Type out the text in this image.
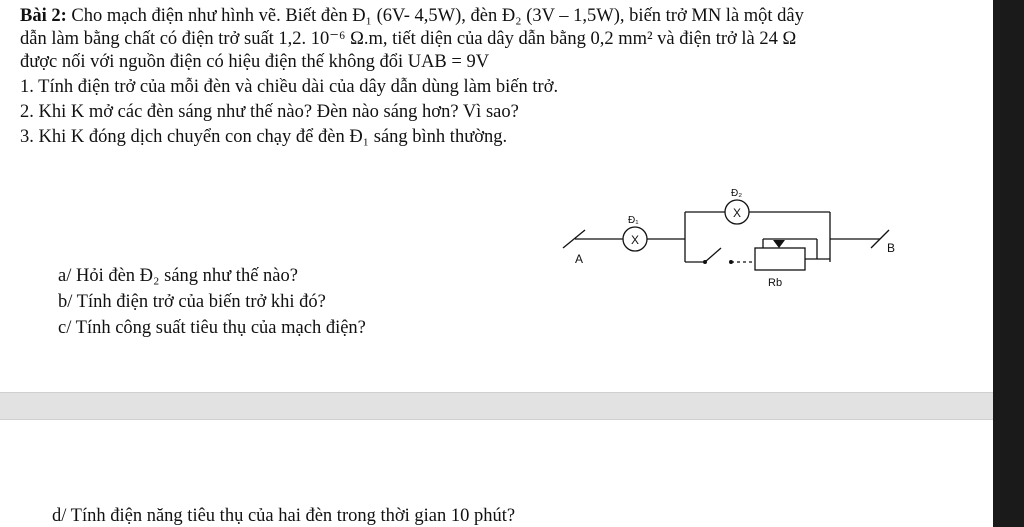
Bài 2: Cho mạch điện như hình vẽ. Biết đèn Đ₁ (6V- 4,5W), đèn Đ₂ (3V – 1,5W), biến trở MN là một dây
dẫn làm bằng chất có điện trở suất 1,2. 10⁻⁶ Ω.m, tiết diện của dây dẫn bằng 0,2 mm² và điện trở là 24 Ω
được nối với nguồn điện có hiệu điện thế không đổi UAB = 9V
1. Tính điện trở của mỗi đèn và chiều dài của dây dẫn dùng làm biến trở.
2. Khi K mở các đèn sáng như thế nào? Đèn nào sáng hơn? Vì sao?
3. Khi K đóng dịch chuyển con chạy để đèn Đ₁ sáng bình thường.
X
X
A
B
Đ₁
Đ₂
Rb
a/ Hỏi đèn Đ₂ sáng như thế nào?
b/ Tính điện trở của biến trở khi đó?
c/ Tính công suất tiêu thụ của mạch điện?
d/ Tính điện năng tiêu thụ của hai đèn trong thời gian 10 phút?
